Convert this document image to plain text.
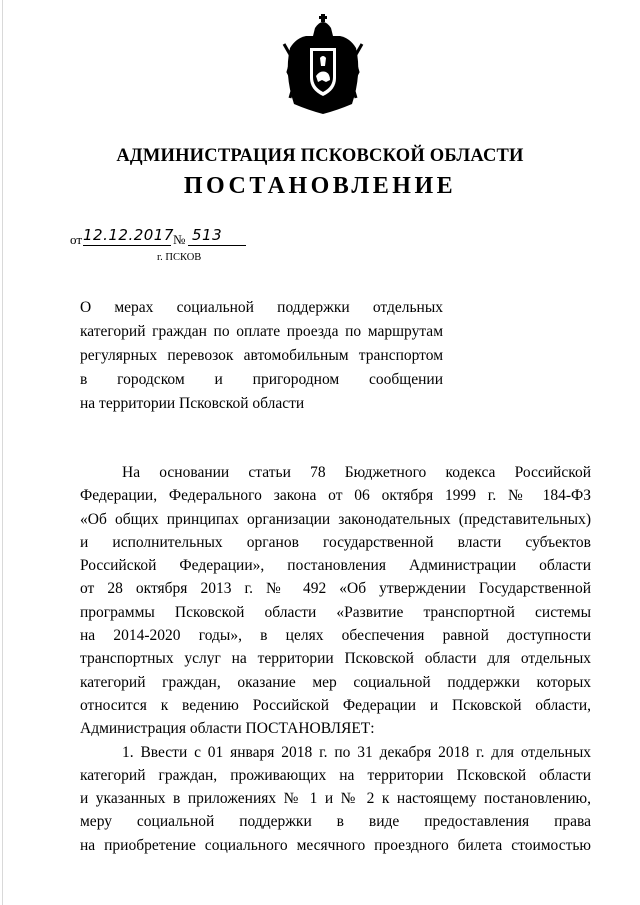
АДМИНИСТРАЦИЯ ПСКОВСКОЙ ОБЛАСТИ
ПОСТАНОВЛЕНИЕ
от 12.12.2017 № 513
г. ПСКОВ
О мерах социальной поддержки отдельных
категорий граждан по оплате проезда по маршрутам
регулярных перевозок автомобильным транспортом
в городском и пригородном сообщении
на территории Псковской области
На основании статьи 78 Бюджетного кодекса Российской
Федерации, Федерального закона от 06 октября 1999 г. № 184-ФЗ
«Об общих принципах организации законодательных (представительных)
и исполнительных органов государственной власти субъектов
Российской Федерации», постановления Администрации области
от 28 октября 2013 г. № 492 «Об утверждении Государственной
программы Псковской области «Развитие транспортной системы
на 2014-2020 годы», в целях обеспечения равной доступности
транспортных услуг на территории Псковской области для отдельных
категорий граждан, оказание мер социальной поддержки которых
относится к ведению Российской Федерации и Псковской области,
Администрация области ПОСТАНОВЛЯЕТ:
1. Ввести с 01 января 2018 г. по 31 декабря 2018 г. для отдельных
категорий граждан, проживающих на территории Псковской области
и указанных в приложениях № 1 и № 2 к настоящему постановлению,
меру социальной поддержки в виде предоставления права
на приобретение социального месячного проездного билета стоимостью
